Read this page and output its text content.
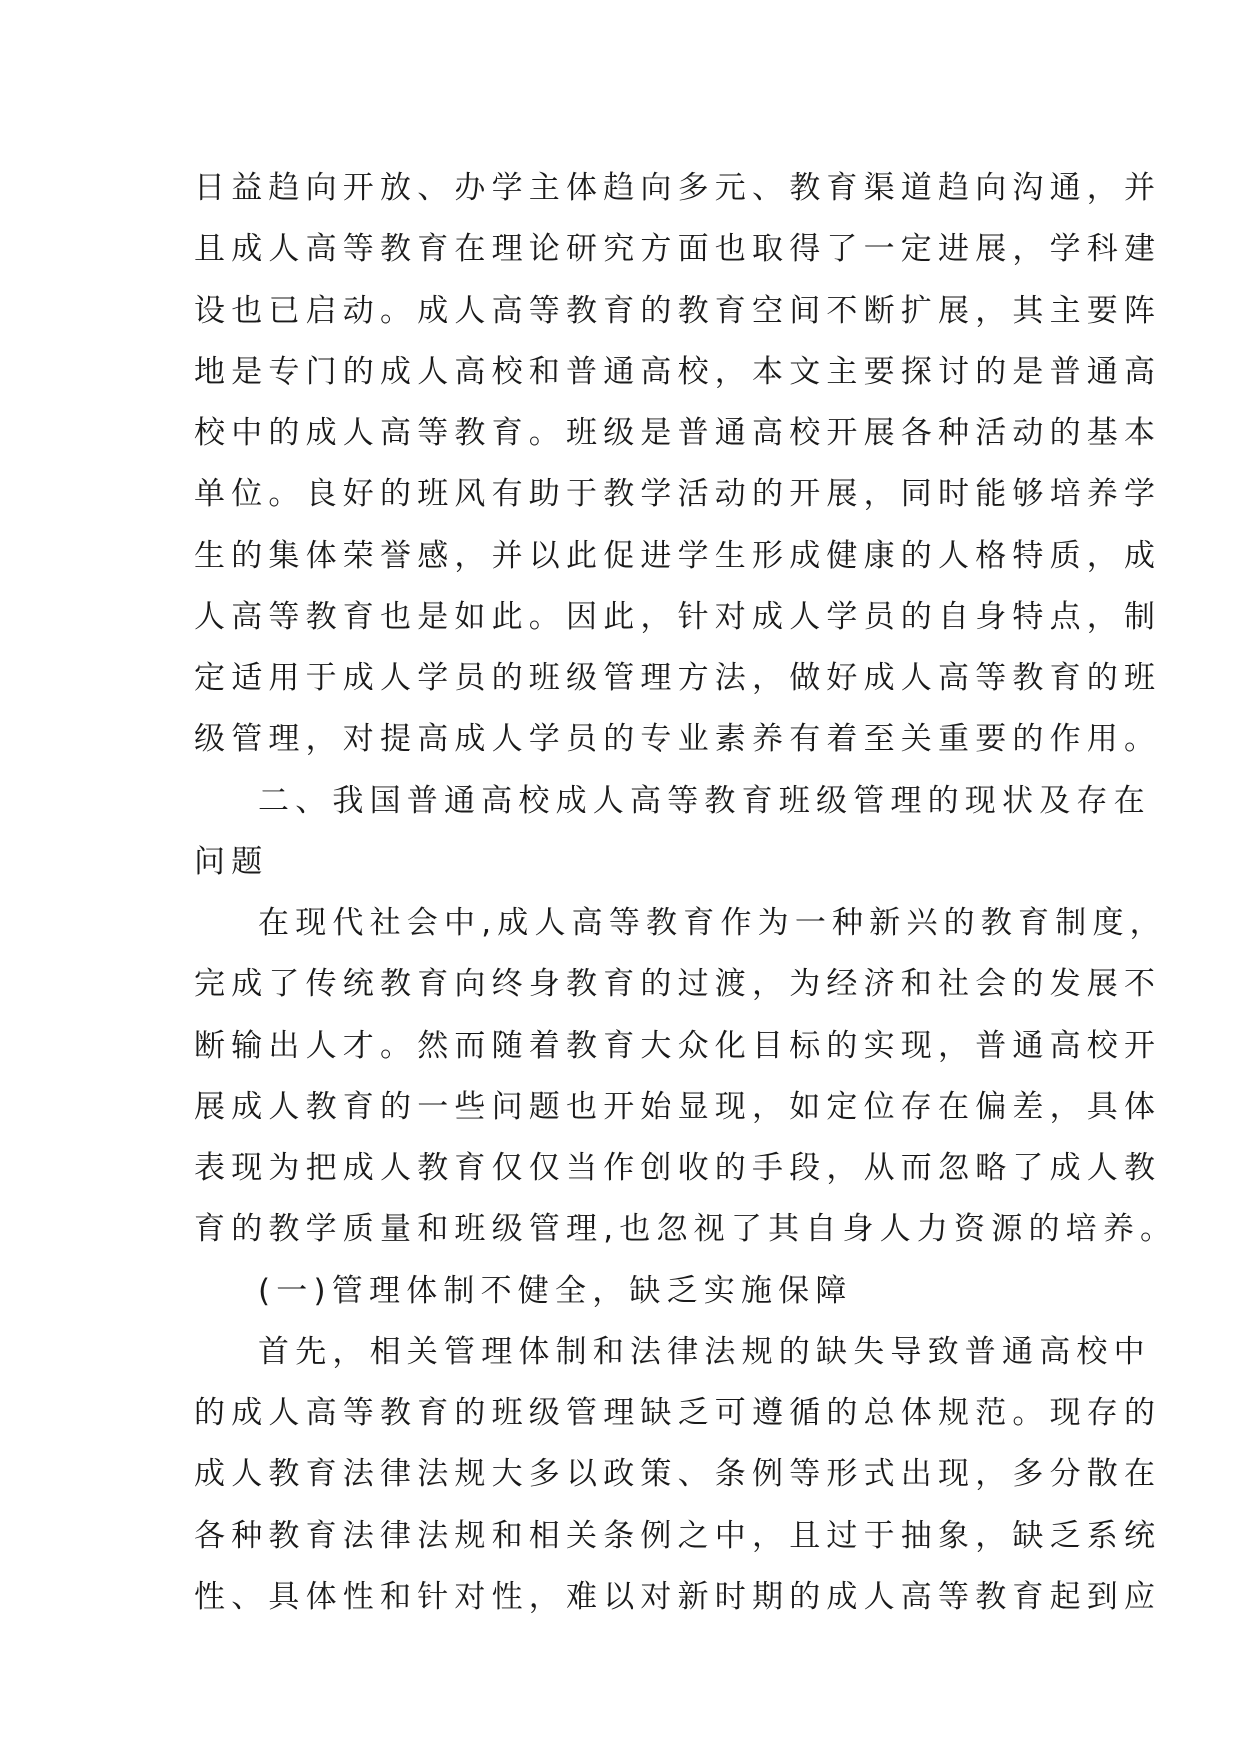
日益趋向开放、办学主体趋向多元、教育渠道趋向沟通，并
且成人高等教育在理论研究方面也取得了一定进展，学科建
设也已启动。成人高等教育的教育空间不断扩展，其主要阵
地是专门的成人高校和普通高校，本文主要探讨的是普通高
校中的成人高等教育。班级是普通高校开展各种活动的基本
单位。良好的班风有助于教学活动的开展，同时能够培养学
生的集体荣誉感，并以此促进学生形成健康的人格特质，成
人高等教育也是如此。因此，针对成人学员的自身特点，制
定适用于成人学员的班级管理方法，做好成人高等教育的班
级管理，对提高成人学员的专业素养有着至关重要的作用。
二、我国普通高校成人高等教育班级管理的现状及存在
问题
在现代社会中,成人高等教育作为一种新兴的教育制度，
完成了传统教育向终身教育的过渡，为经济和社会的发展不
断输出人才。然而随着教育大众化目标的实现，普通高校开
展成人教育的一些问题也开始显现，如定位存在偏差，具体
表现为把成人教育仅仅当作创收的手段，从而忽略了成人教
育的教学质量和班级管理,也忽视了其自身人力资源的培养。
(一)管理体制不健全，缺乏实施保障
首先，相关管理体制和法律法规的缺失导致普通高校中
的成人高等教育的班级管理缺乏可遵循的总体规范。现存的
成人教育法律法规大多以政策、条例等形式出现，多分散在
各种教育法律法规和相关条例之中，且过于抽象，缺乏系统
性、具体性和针对性，难以对新时期的成人高等教育起到应
